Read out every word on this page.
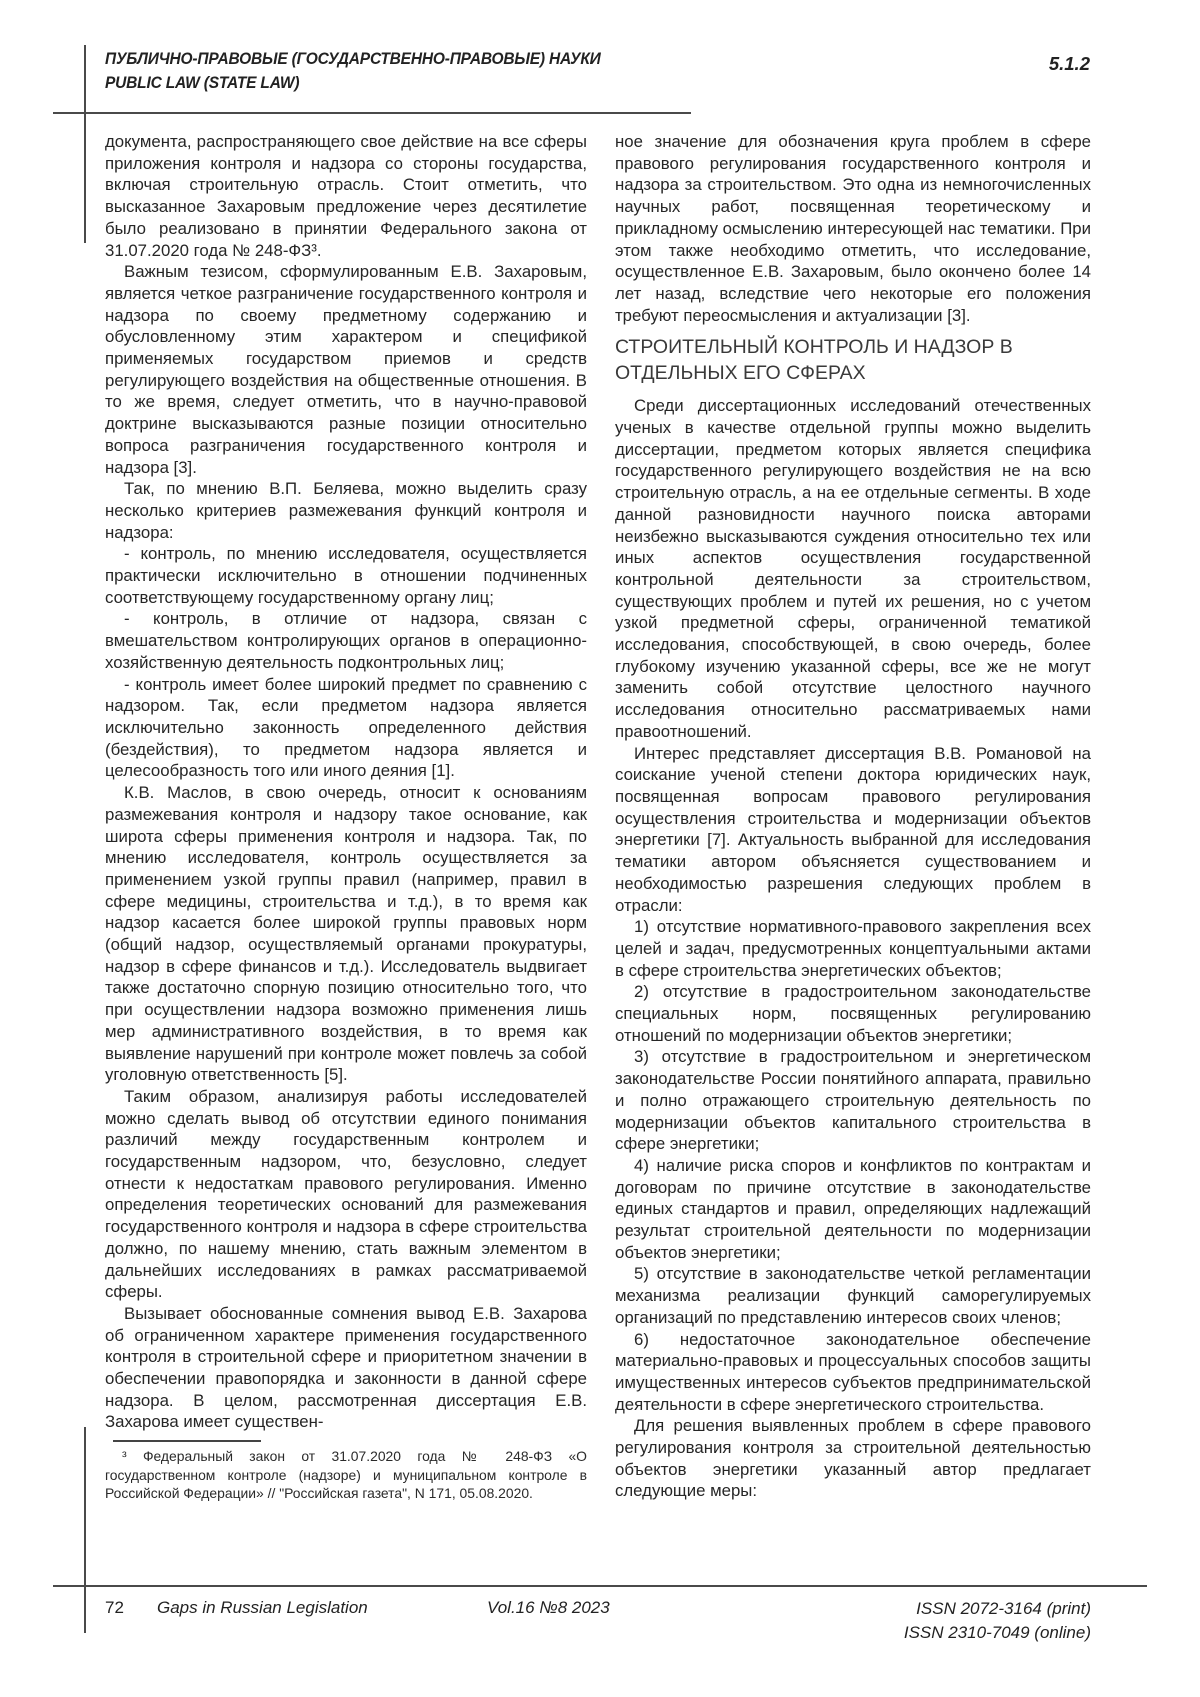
ПУБЛИЧНО-ПРАВОВЫЕ (ГОСУДАРСТВЕННО-ПРАВОВЫЕ) НАУКИ
PUBLIC LAW (STATE LAW)
5.1.2

документа, распространяющего свое действие на все сферы приложения контроля и надзора со стороны государства, включая строительную отрасль. Стоит отметить, что высказанное Захаровым предложение через десятилетие было реализовано в принятии Федерального закона от 31.07.2020 года № 248-ФЗ³.

Важным тезисом, сформулированным Е.В. Захаровым, является четкое разграничение государственного контроля и надзора по своему предметному содержанию и обусловленному этим характером и спецификой применяемых государством приемов и средств регулирующего воздействия на общественные отношения. В то же время, следует отметить, что в научно-правовой доктрине высказываются разные позиции относительно вопроса разграничения государственного контроля и надзора [3].

Так, по мнению В.П. Беляева, можно выделить сразу несколько критериев размежевания функций контроля и надзора:

- контроль, по мнению исследователя, осуществляется практически исключительно в отношении подчиненных соответствующему государственному органу лиц;

- контроль, в отличие от надзора, связан с вмешательством контролирующих органов в операционно-хозяйственную деятельность подконтрольных лиц;

- контроль имеет более широкий предмет по сравнению с надзором. Так, если предметом надзора является исключительно законность определенного действия (бездействия), то предметом надзора является и целесообразность того или иного деяния [1].

К.В. Маслов, в свою очередь, относит к основаниям размежевания контроля и надзору такое основание, как широта сферы применения контроля и надзора. Так, по мнению исследователя, контроль осуществляется за применением узкой группы правил (например, правил в сфере медицины, строительства и т.д.), в то время как надзор касается более широкой группы правовых норм (общий надзор, осуществляемый органами прокуратуры, надзор в сфере финансов и т.д.). Исследователь выдвигает также достаточно спорную позицию относительно того, что при осуществлении надзора возможно применения лишь мер административного воздействия, в то время как выявление нарушений при контроле может повлечь за собой уголовную ответственность [5].

Таким образом, анализируя работы исследователей можно сделать вывод об отсутствии единого понимания различий между государственным контролем и государственным надзором, что, безусловно, следует отнести к недостаткам правового регулирования. Именно определения теоретических оснований для размежевания государственного контроля и надзора в сфере строительства должно, по нашему мнению, стать важным элементом в дальнейших исследованиях в рамках рассматриваемой сферы.

Вызывает обоснованные сомнения вывод Е.В. Захарова об ограниченном характере применения государственного контроля в строительной сфере и приоритетном значении в обеспечении правопорядка и законности в данной сфере надзора. В целом, рассмотренная диссертация Е.В. Захарова имеет существен-

³ Федеральный закон от 31.07.2020 года № 248-ФЗ «О государственном контроле (надзоре) и муниципальном контроле в Российской Федерации» // "Российская газета", N 171, 05.08.2020.

ное значение для обозначения круга проблем в сфере правового регулирования государственного контроля и надзора за строительством. Это одна из немногочисленных научных работ, посвященная теоретическому и прикладному осмыслению интересующей нас тематики. При этом также необходимо отметить, что исследование, осуществленное Е.В. Захаровым, было окончено более 14 лет назад, вследствие чего некоторые его положения требуют переосмысления и актуализации [3].

СТРОИТЕЛЬНЫЙ КОНТРОЛЬ И НАДЗОР В ОТДЕЛЬНЫХ ЕГО СФЕРАХ

Среди диссертационных исследований отечественных ученых в качестве отдельной группы можно выделить диссертации, предметом которых является специфика государственного регулирующего воздействия не на всю строительную отрасль, а на ее отдельные сегменты. В ходе данной разновидности научного поиска авторами неизбежно высказываются суждения относительно тех или иных аспектов осуществления государственной контрольной деятельности за строительством, существующих проблем и путей их решения, но с учетом узкой предметной сферы, ограниченной тематикой исследования, способствующей, в свою очередь, более глубокому изучению указанной сферы, все же не могут заменить собой отсутствие целостного научного исследования относительно рассматриваемых нами правоотношений.

Интерес представляет диссертация В.В. Романовой на соискание ученой степени доктора юридических наук, посвященная вопросам правового регулирования осуществления строительства и модернизации объектов энергетики [7]. Актуальность выбранной для исследования тематики автором объясняется существованием и необходимостью разрешения следующих проблем в отрасли:

1) отсутствие нормативного-правового закрепления всех целей и задач, предусмотренных концептуальными актами в сфере строительства энергетических объектов;

2) отсутствие в градостроительном законодательстве специальных норм, посвященных регулированию отношений по модернизации объектов энергетики;

3) отсутствие в градостроительном и энергетическом законодательстве России понятийного аппарата, правильно и полно отражающего строительную деятельность по модернизации объектов капитального строительства в сфере энергетики;

4) наличие риска споров и конфликтов по контрактам и договорам по причине отсутствие в законодательстве единых стандартов и правил, определяющих надлежащий результат строительной деятельности по модернизации объектов энергетики;

5) отсутствие в законодательстве четкой регламентации механизма реализации функций саморегулируемых организаций по представлению интересов своих членов;

6) недостаточное законодательное обеспечение материально-правовых и процессуальных способов защиты имущественных интересов субъектов предпринимательской деятельности в сфере энергетического строительства.

Для решения выявленных проблем в сфере правового регулирования контроля за строительной деятельностью объектов энергетики указанный автор предлагает следующие меры:

72	Gaps in Russian Legislation	Vol.16 №8 2023	ISSN 2072-3164 (print)
ISSN 2310-7049 (online)
